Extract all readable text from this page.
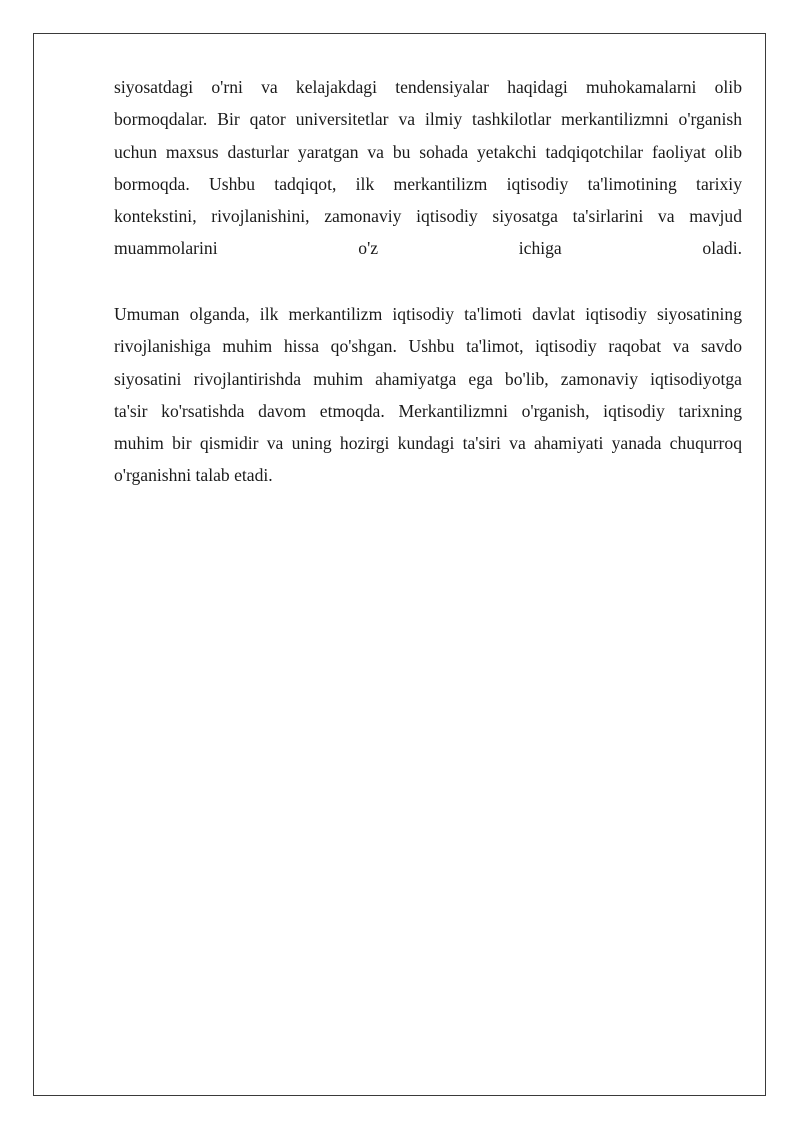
siyosatdagi o'rni va kelajakdagi tendensiyalar haqidagi muhokamalarni olib
bormoqdalar. Bir qator universitetlar va ilmiy tashkilotlar merkantilizmni o'rganish
uchun maxsus dasturlar yaratgan va bu sohada yetakchi tadqiqotchilar faoliyat olib
bormoqda. Ushbu tadqiqot, ilk merkantilizm iqtisodiy ta'limotining tarixiy
kontekstini, rivojlanishini, zamonaviy iqtisodiy siyosatga ta'sirlarini va mavjud
muammolarini o'z ichiga oladi.
Umuman olganda, ilk merkantilizm iqtisodiy ta'limoti davlat iqtisodiy siyosatining
rivojlanishiga muhim hissa qo'shgan. Ushbu ta'limot, iqtisodiy raqobat va savdo
siyosatini rivojlantirishda muhim ahamiyatga ega bo'lib, zamonaviy iqtisodiyotga
ta'sir ko'rsatishda davom etmoqda. Merkantilizmni o'rganish, iqtisodiy tarixning
muhim bir qismidir va uning hozirgi kundagi ta'siri va ahamiyati yanada chuqurroq
o'rganishni talab etadi.
